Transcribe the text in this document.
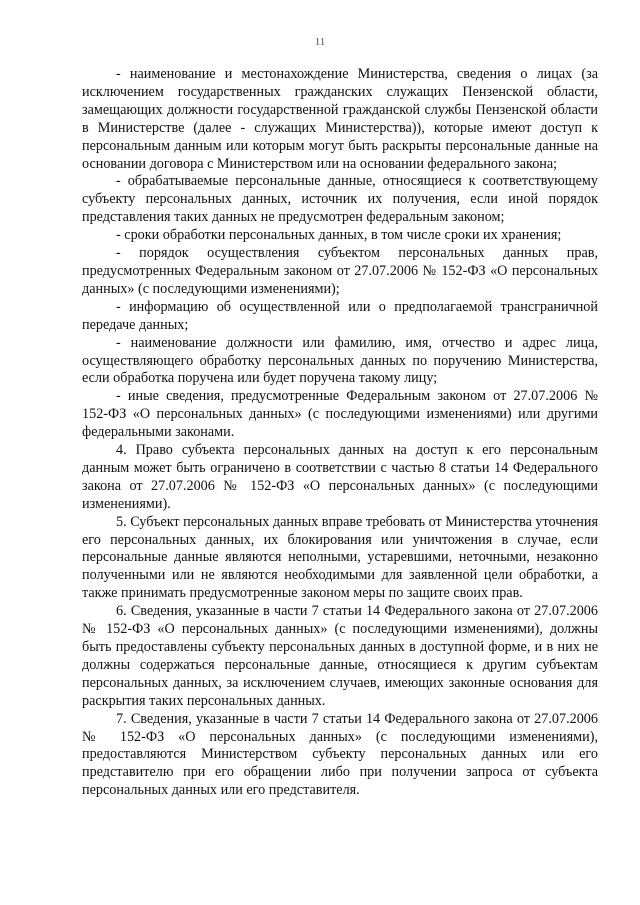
11

- наименование и местонахождение Министерства, сведения о лицах (за исключением государственных гражданских служащих Пензенской области, замещающих должности государственной гражданской службы Пензенской области в Министерстве (далее - служащих Министерства)), которые имеют доступ к персональным данным или которым могут быть раскрыты персональные данные на основании договора с Министерством или на основании федерального закона;

- обрабатываемые персональные данные, относящиеся к соответствующему субъекту персональных данных, источник их получения, если иной порядок представления таких данных не предусмотрен федеральным законом;

- сроки обработки персональных данных, в том числе сроки их хранения;

- порядок осуществления субъектом персональных данных прав, предусмотренных Федеральным законом от 27.07.2006 № 152-ФЗ «О персональных данных» (с последующими изменениями);

- информацию об осуществленной или о предполагаемой трансграничной передаче данных;

- наименование должности или фамилию, имя, отчество и адрес лица, осуществляющего обработку персональных данных по поручению Министерства, если обработка поручена или будет поручена такому лицу;

- иные сведения, предусмотренные Федеральным законом от 27.07.2006 № 152-ФЗ «О персональных данных» (с последующими изменениями) или другими федеральными законами.

4. Право субъекта персональных данных на доступ к его персональным данным может быть ограничено в соответствии с частью 8 статьи 14 Федерального закона от 27.07.2006 № 152-ФЗ «О персональных данных» (с последующими изменениями).

5. Субъект персональных данных вправе требовать от Министерства уточнения его персональных данных, их блокирования или уничтожения в случае, если персональные данные являются неполными, устаревшими, неточными, незаконно полученными или не являются необходимыми для заявленной цели обработки, а также принимать предусмотренные законом меры по защите своих прав.

6. Сведения, указанные в части 7 статьи 14 Федерального закона от 27.07.2006 № 152-ФЗ «О персональных данных» (с последующими изменениями), должны быть предоставлены субъекту персональных данных в доступной форме, и в них не должны содержаться персональные данные, относящиеся к другим субъектам персональных данных, за исключением случаев, имеющих законные основания для раскрытия таких персональных данных.

7. Сведения, указанные в части 7 статьи 14 Федерального закона от 27.07.2006 № 152-ФЗ «О персональных данных» (с последующими изменениями), предоставляются Министерством субъекту персональных данных или его представителю при его обращении либо при получении запроса от субъекта персональных данных или его представителя.
